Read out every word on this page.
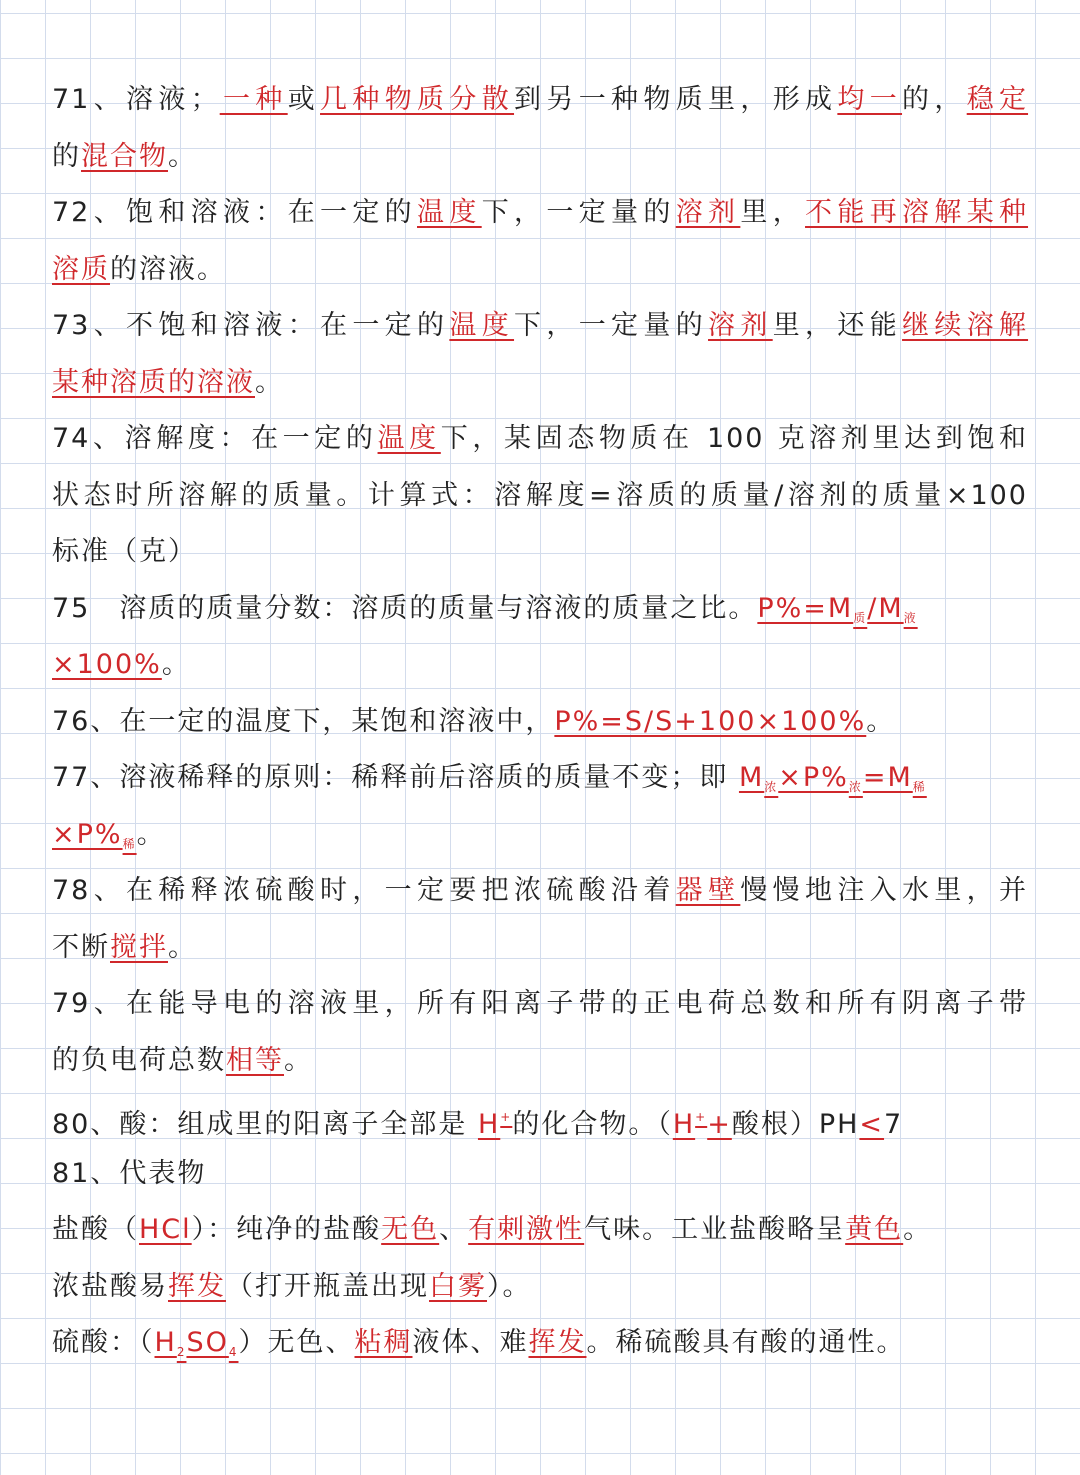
71、溶液；一种或几种物质分散到另一种物质里，形成均一的，稳定
的混合物。
72、饱和溶液：在一定的温度下，一定量的溶剂里，不能再溶解某种
溶质的溶液。
73、不饱和溶液：在一定的温度下，一定量的溶剂里，还能继续溶解
某种溶质的溶液。
74、溶解度：在一定的温度下，某固态物质在 100 克溶剂里达到饱和
状态时所溶解的质量。计算式：溶解度=溶质的质量/溶剂的质量×100
标准（克）
75　溶质的质量分数：溶质的质量与溶液的质量之比。$P\%=M_质/M_液$
×100%。
76、在一定的温度下，某饱和溶液中，P%=S/S+100×100%。
77、溶液稀释的原则：稀释前后溶质的质量不变；即 $M_浓\times P\%_浓=M_稀$
$\times P\%_稀$。
78、在稀释浓硫酸时，一定要把浓硫酸沿着器壁慢慢地注入水里，并
不断搅拌。
79、在能导电的溶液里，所有阳离子带的正电荷总数和所有阴离子带
的负电荷总数相等。
80、酸：组成里的阳离子全部是 H+的化合物。（H++酸根）PH<7
81、代表物
盐酸（HCl）：纯净的盐酸无色、有刺激性气味。工业盐酸略呈黄色。
浓盐酸易挥发（打开瓶盖出现白雾）。
硫酸：$(H_2SO_4)$无色、粘稠液体、难挥发。稀硫酸具有酸的通性。
